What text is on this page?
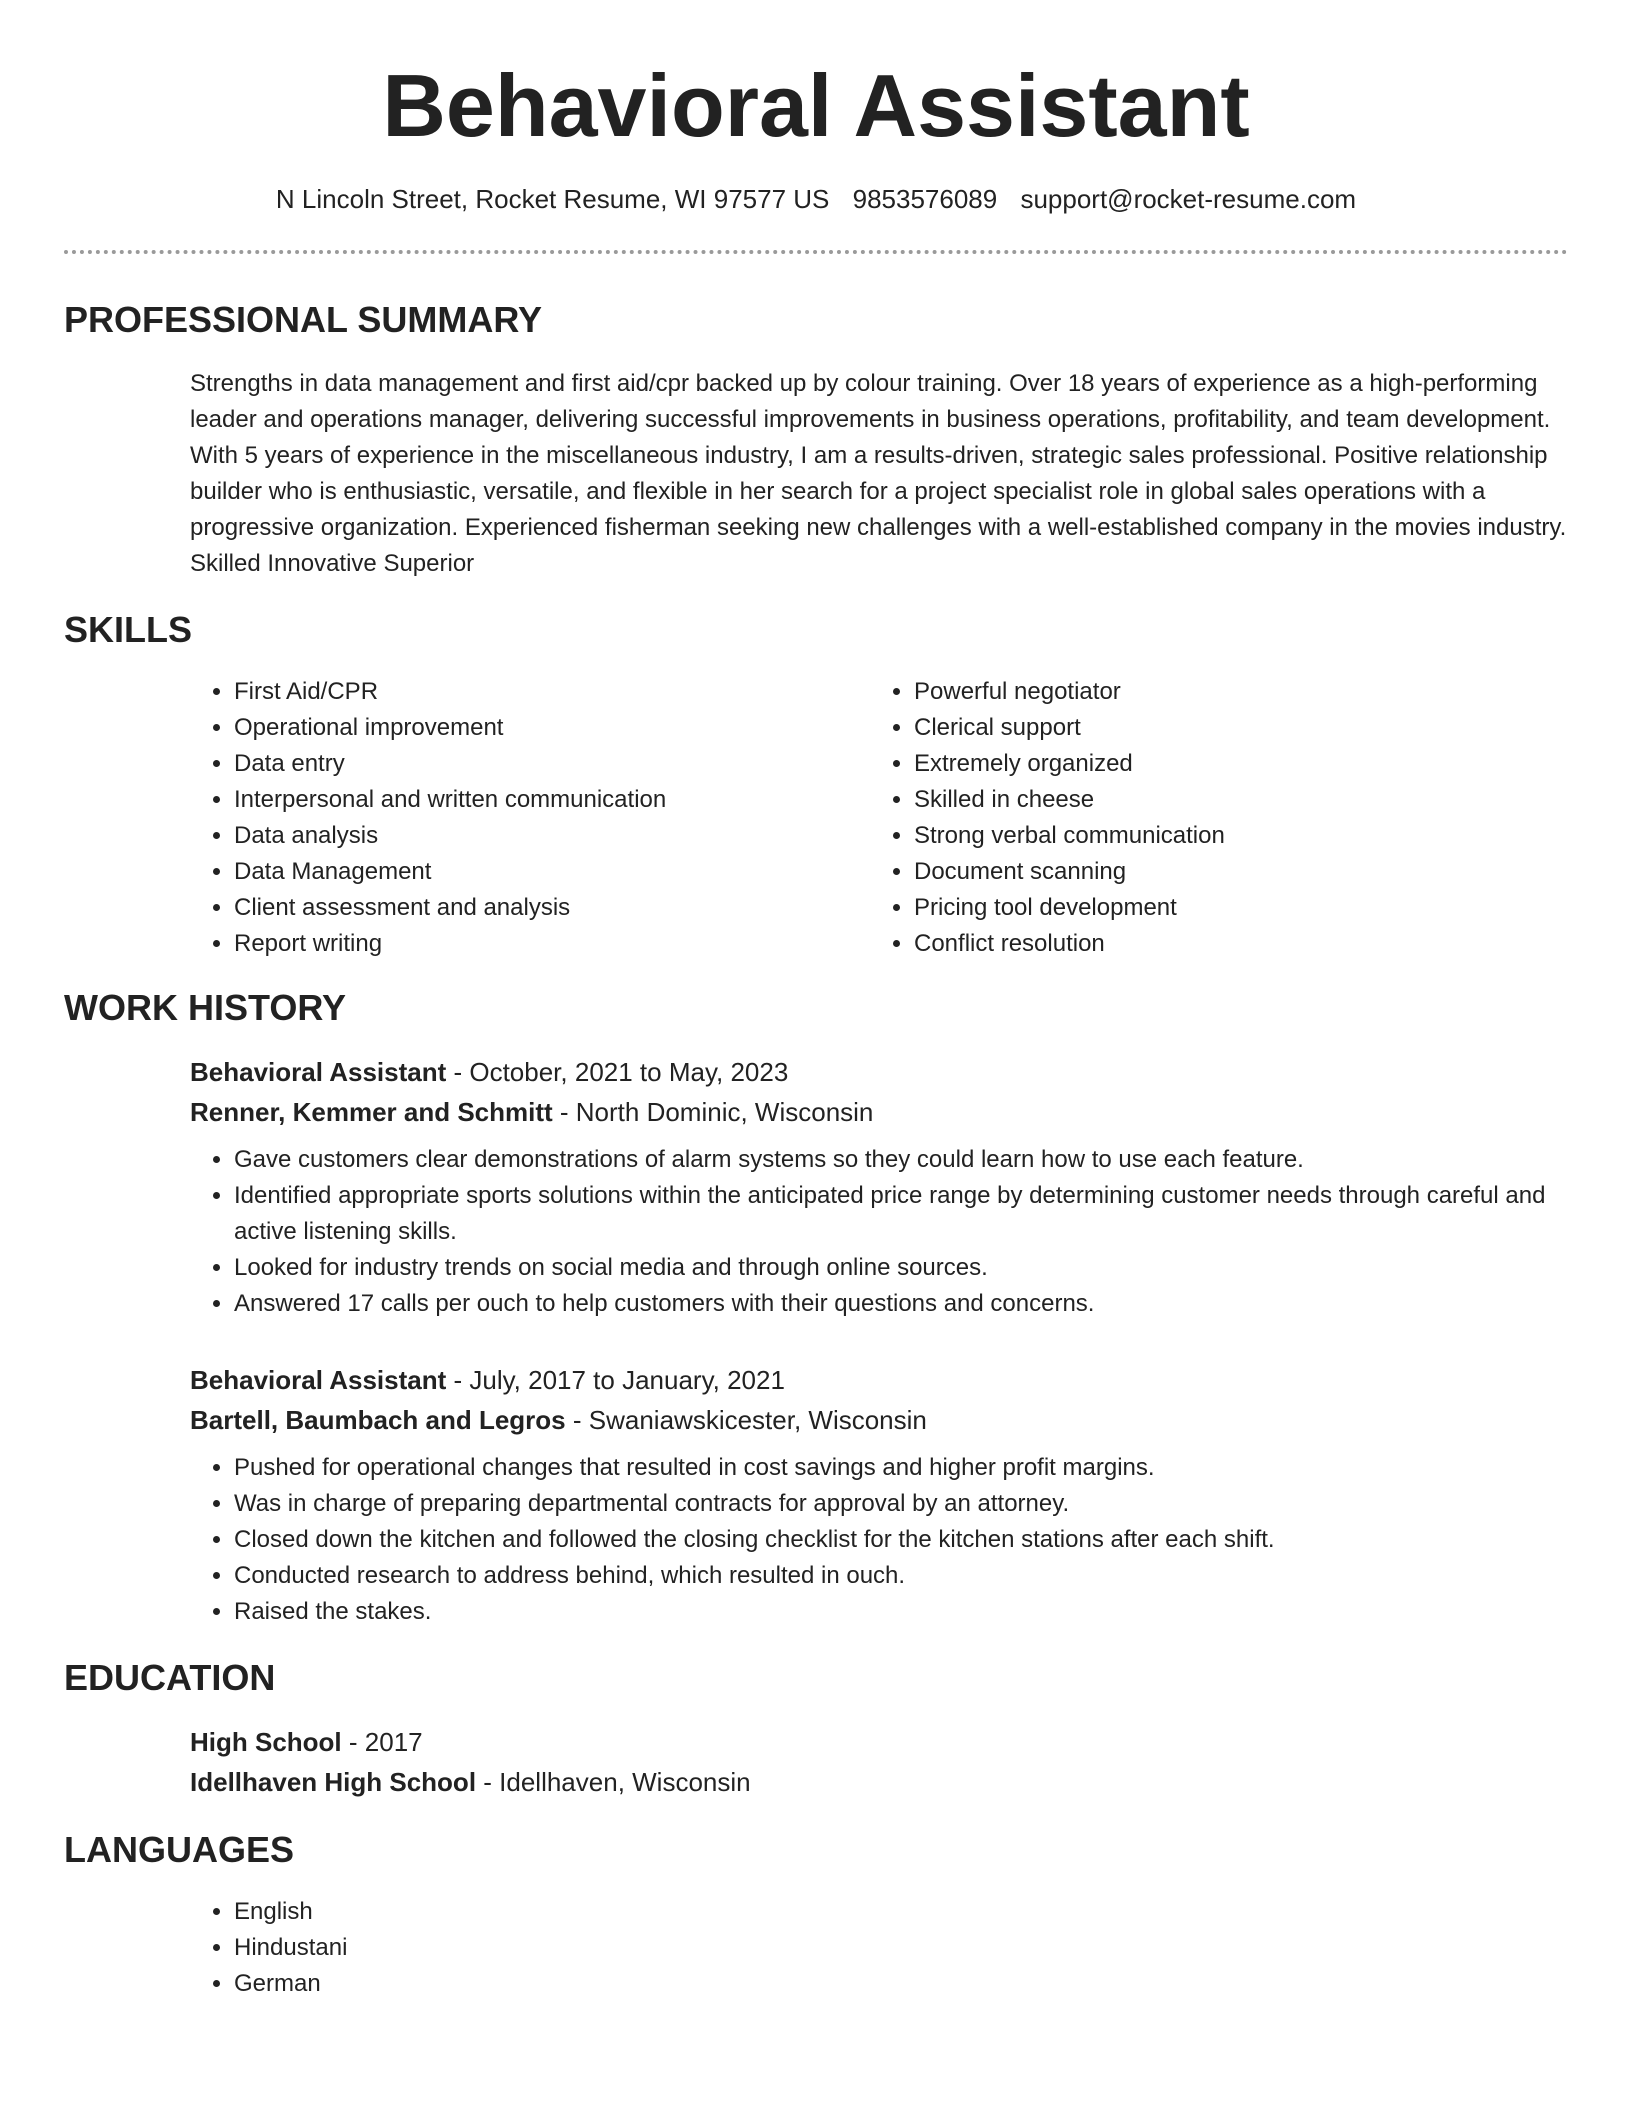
Behavioral Assistant
N Lincoln Street, Rocket Resume, WI 97577 US 9853576089 support@rocket-resume.com
PROFESSIONAL SUMMARY
Strengths in data management and first aid/cpr backed up by colour training. Over 18 years of experience as a high-performing leader and operations manager, delivering successful improvements in business operations, profitability, and team development. With 5 years of experience in the miscellaneous industry, I am a results-driven, strategic sales professional. Positive relationship builder who is enthusiastic, versatile, and flexible in her search for a project specialist role in global sales operations with a progressive organization. Experienced fisherman seeking new challenges with a well-established company in the movies industry. Skilled Innovative Superior
SKILLS
• First Aid/CPR
• Operational improvement
• Data entry
• Interpersonal and written communication
• Data analysis
• Data Management
• Client assessment and analysis
• Report writing
• Powerful negotiator
• Clerical support
• Extremely organized
• Skilled in cheese
• Strong verbal communication
• Document scanning
• Pricing tool development
• Conflict resolution
WORK HISTORY
Behavioral Assistant - October, 2021 to May, 2023
Renner, Kemmer and Schmitt - North Dominic, Wisconsin
• Gave customers clear demonstrations of alarm systems so they could learn how to use each feature.
• Identified appropriate sports solutions within the anticipated price range by determining customer needs through careful and active listening skills.
• Looked for industry trends on social media and through online sources.
• Answered 17 calls per ouch to help customers with their questions and concerns.
Behavioral Assistant - July, 2017 to January, 2021
Bartell, Baumbach and Legros - Swaniawskicester, Wisconsin
• Pushed for operational changes that resulted in cost savings and higher profit margins.
• Was in charge of preparing departmental contracts for approval by an attorney.
• Closed down the kitchen and followed the closing checklist for the kitchen stations after each shift.
• Conducted research to address behind, which resulted in ouch.
• Raised the stakes.
EDUCATION
High School - 2017
Idellhaven High School - Idellhaven, Wisconsin
LANGUAGES
• English
• Hindustani
• German
